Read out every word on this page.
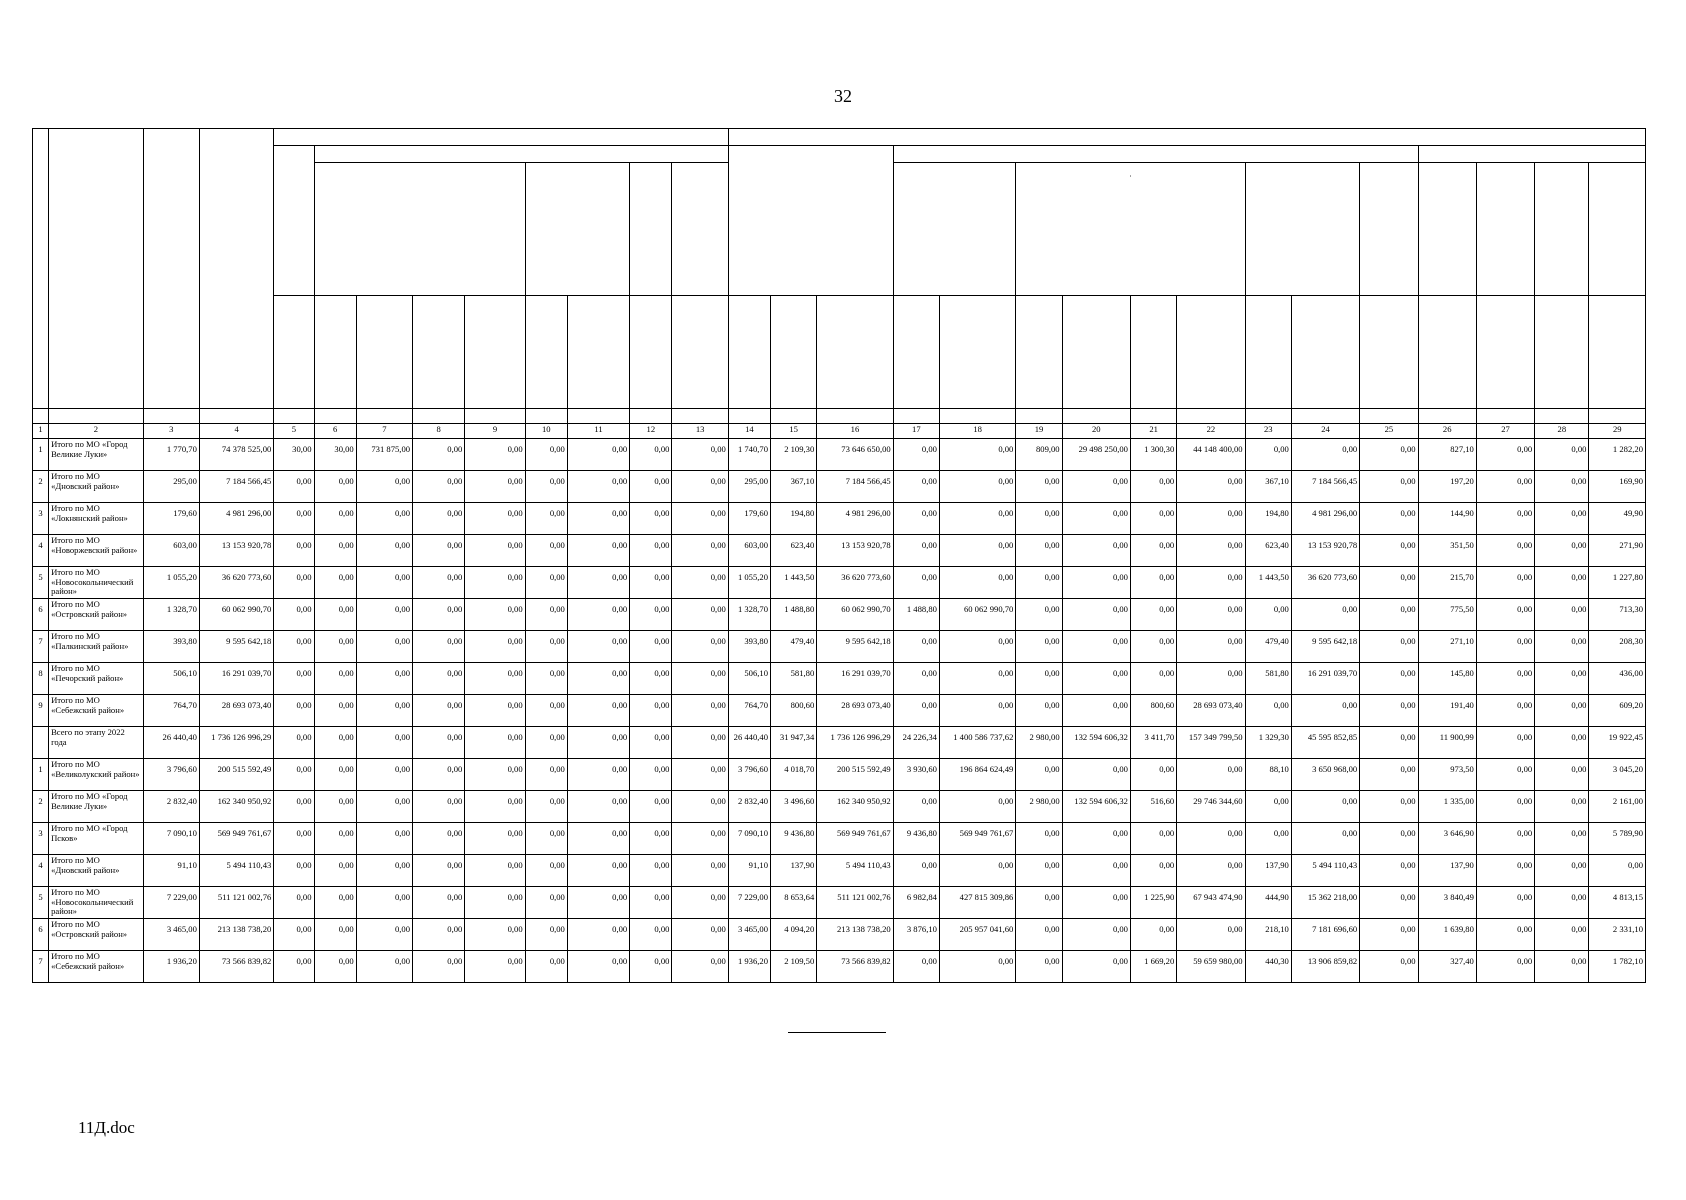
32

·										

1	2	3	4	5	6	7	8	9	10	11	12	13	14	15	16	17	18	19	20	21	22	23	24	25	26	27	28	29
1	Итого по МО «Город Великие Луки»	1 770,70	74 378 525,00	30,00	30,00	731 875,00	0,00	0,00	0,00	0,00	0,00	0,00	1 740,70	2 109,30	73 646 650,00	0,00	0,00	809,00	29 498 250,00	1 300,30	44 148 400,00	0,00	0,00	0,00	827,10	0,00	0,00	1 282,20
2	Итого по МО «Дновский район»	295,00	7 184 566,45	0,00	0,00	0,00	0,00	0,00	0,00	0,00	0,00	0,00	295,00	367,10	7 184 566,45	0,00	0,00	0,00	0,00	0,00	0,00	367,10	7 184 566,45	0,00	197,20	0,00	0,00	169,90
3	Итого по МО «Локнянский район»	179,60	4 981 296,00	0,00	0,00	0,00	0,00	0,00	0,00	0,00	0,00	0,00	179,60	194,80	4 981 296,00	0,00	0,00	0,00	0,00	0,00	0,00	194,80	4 981 296,00	0,00	144,90	0,00	0,00	49,90
4	Итого по МО «Новоржевский район»	603,00	13 153 920,78	0,00	0,00	0,00	0,00	0,00	0,00	0,00	0,00	0,00	603,00	623,40	13 153 920,78	0,00	0,00	0,00	0,00	0,00	0,00	623,40	13 153 920,78	0,00	351,50	0,00	0,00	271,90
5	Итого по МО «Новосокольнический район»	1 055,20	36 620 773,60	0,00	0,00	0,00	0,00	0,00	0,00	0,00	0,00	0,00	1 055,20	1 443,50	36 620 773,60	0,00	0,00	0,00	0,00	0,00	0,00	1 443,50	36 620 773,60	0,00	215,70	0,00	0,00	1 227,80
6	Итого по МО «Островский район»	1 328,70	60 062 990,70	0,00	0,00	0,00	0,00	0,00	0,00	0,00	0,00	0,00	1 328,70	1 488,80	60 062 990,70	1 488,80	60 062 990,70	0,00	0,00	0,00	0,00	0,00	0,00	0,00	775,50	0,00	0,00	713,30
7	Итого по МО «Палкинский район»	393,80	9 595 642,18	0,00	0,00	0,00	0,00	0,00	0,00	0,00	0,00	0,00	393,80	479,40	9 595 642,18	0,00	0,00	0,00	0,00	0,00	0,00	479,40	9 595 642,18	0,00	271,10	0,00	0,00	208,30
8	Итого по МО «Печорский район»	506,10	16 291 039,70	0,00	0,00	0,00	0,00	0,00	0,00	0,00	0,00	0,00	506,10	581,80	16 291 039,70	0,00	0,00	0,00	0,00	0,00	0,00	581,80	16 291 039,70	0,00	145,80	0,00	0,00	436,00
9	Итого по МО «Себежский район»	764,70	28 693 073,40	0,00	0,00	0,00	0,00	0,00	0,00	0,00	0,00	0,00	764,70	800,60	28 693 073,40	0,00	0,00	0,00	0,00	800,60	28 693 073,40	0,00	0,00	0,00	191,40	0,00	0,00	609,20
	Всего по этапу 2022 года	26 440,40	1 736 126 996,29	0,00	0,00	0,00	0,00	0,00	0,00	0,00	0,00	0,00	26 440,40	31 947,34	1 736 126 996,29	24 226,34	1 400 586 737,62	2 980,00	132 594 606,32	3 411,70	157 349 799,50	1 329,30	45 595 852,85	0,00	11 900,99	0,00	0,00	19 922,45
1	Итого по МО «Великолукский район»	3 796,60	200 515 592,49	0,00	0,00	0,00	0,00	0,00	0,00	0,00	0,00	0,00	3 796,60	4 018,70	200 515 592,49	3 930,60	196 864 624,49	0,00	0,00	0,00	0,00	88,10	3 650 968,00	0,00	973,50	0,00	0,00	3 045,20
2	Итого по МО «Город Великие Луки»	2 832,40	162 340 950,92	0,00	0,00	0,00	0,00	0,00	0,00	0,00	0,00	0,00	2 832,40	3 496,60	162 340 950,92	0,00	0,00	2 980,00	132 594 606,32	516,60	29 746 344,60	0,00	0,00	0,00	1 335,00	0,00	0,00	2 161,00
3	Итого по МО «Город Псков»	7 090,10	569 949 761,67	0,00	0,00	0,00	0,00	0,00	0,00	0,00	0,00	0,00	7 090,10	9 436,80	569 949 761,67	9 436,80	569 949 761,67	0,00	0,00	0,00	0,00	0,00	0,00	0,00	3 646,90	0,00	0,00	5 789,90
4	Итого по МО «Дновский район»	91,10	5 494 110,43	0,00	0,00	0,00	0,00	0,00	0,00	0,00	0,00	0,00	91,10	137,90	5 494 110,43	0,00	0,00	0,00	0,00	0,00	0,00	137,90	5 494 110,43	0,00	137,90	0,00	0,00	0,00
5	Итого по МО «Новосокольнический район»	7 229,00	511 121 002,76	0,00	0,00	0,00	0,00	0,00	0,00	0,00	0,00	0,00	7 229,00	8 653,64	511 121 002,76	6 982,84	427 815 309,86	0,00	0,00	1 225,90	67 943 474,90	444,90	15 362 218,00	0,00	3 840,49	0,00	0,00	4 813,15
6	Итого по МО «Островский район»	3 465,00	213 138 738,20	0,00	0,00	0,00	0,00	0,00	0,00	0,00	0,00	0,00	3 465,00	4 094,20	213 138 738,20	3 876,10	205 957 041,60	0,00	0,00	0,00	0,00	218,10	7 181 696,60	0,00	1 639,80	0,00	0,00	2 331,10
7	Итого по МО «Себежский район»	1 936,20	73 566 839,82	0,00	0,00	0,00	0,00	0,00	0,00	0,00	0,00	0,00	1 936,20	2 109,50	73 566 839,82	0,00	0,00	0,00	0,00	1 669,20	59 659 980,00	440,30	13 906 859,82	0,00	327,40	0,00	0,00	1 782,10
11Д.doc
